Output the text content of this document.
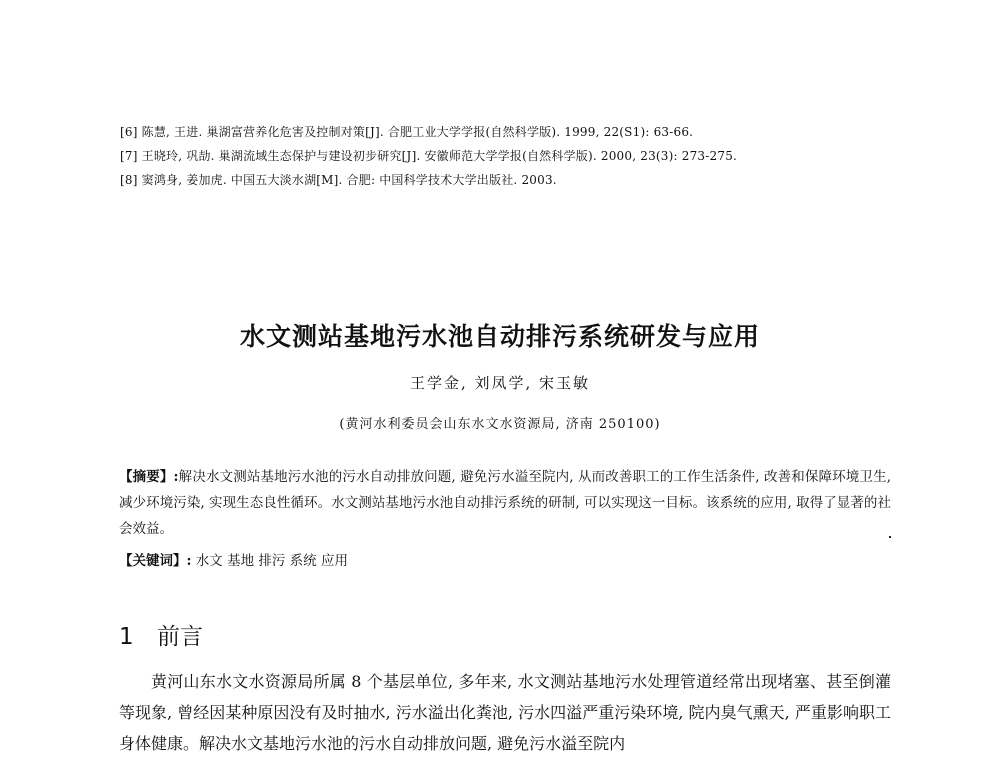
[6] 陈慧, 王进. 巢湖富营养化危害及控制对策[J]. 合肥工业大学学报(自然科学版). 1999, 22(S1): 63-66.
[7] 王晓玲, 巩劼. 巢湖流域生态保护与建设初步研究[J]. 安徽师范大学学报(自然科学版). 2000, 23(3): 273-275.
[8] 窦鸿身, 姜加虎. 中国五大淡水湖[M]. 合肥: 中国科学技术大学出版社. 2003.
水文测站基地污水池自动排污系统研发与应用
王学金, 刘凤学, 宋玉敏
(黄河水利委员会山东水文水资源局, 济南 250100)
【摘要】:解决水文测站基地污水池的污水自动排放问题, 避免污水溢至院内, 从而改善职工的工作生活条件, 改善和保障环境卫生, 减少环境污染, 实现生态良性循环。水文测站基地污水池自动排污系统的研制, 可以实现这一目标。该系统的应用, 取得了显著的社会效益。
【关键词】: 水文 基地 排污 系统 应用
1 前言
黄河山东水文水资源局所属 8 个基层单位, 多年来, 水文测站基地污水处理管道经常出现堵塞、甚至倒灌等现象, 曾经因某种原因没有及时抽水, 污水溢出化粪池, 污水四溢严重污染环境, 院内臭气熏天, 严重影响职工身体健康。解决水文基地污水池的污水自动排放问题, 避免污水溢至院内
